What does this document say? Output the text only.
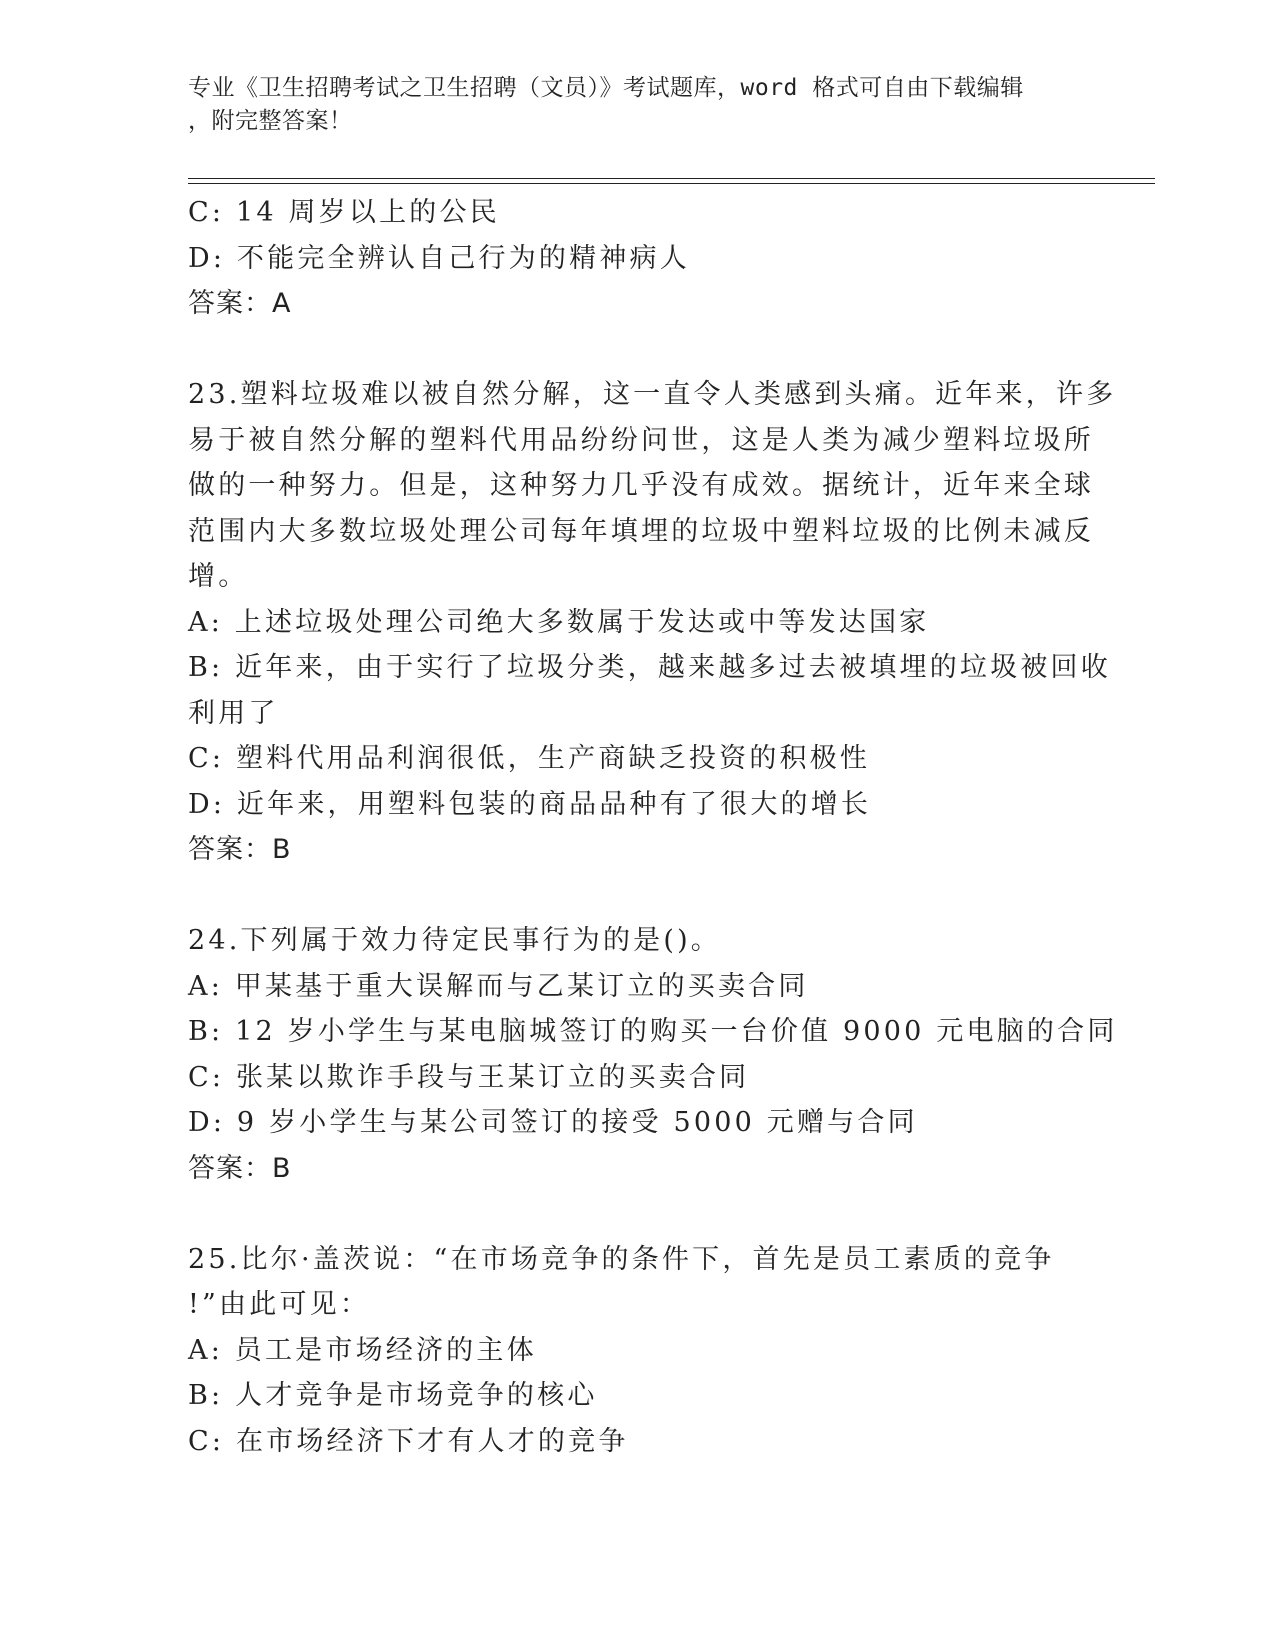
专业《卫生招聘考试之卫生招聘（文员）》考试题库，word 格式可自由下载编辑
，附完整答案！
C: 14 周岁以上的公民
D: 不能完全辨认自己行为的精神病人
答案：A
23.塑料垃圾难以被自然分解，这一直令人类感到头痛。近年来，许多
易于被自然分解的塑料代用品纷纷问世，这是人类为减少塑料垃圾所
做的一种努力。但是，这种努力几乎没有成效。据统计，近年来全球
范围内大多数垃圾处理公司每年填埋的垃圾中塑料垃圾的比例未减反
增。
A: 上述垃圾处理公司绝大多数属于发达或中等发达国家
B: 近年来，由于实行了垃圾分类，越来越多过去被填埋的垃圾被回收
利用了
C: 塑料代用品利润很低，生产商缺乏投资的积极性
D: 近年来，用塑料包装的商品品种有了很大的增长
答案：B
24.下列属于效力待定民事行为的是()。
A: 甲某基于重大误解而与乙某订立的买卖合同
B: 12 岁小学生与某电脑城签订的购买一台价值 9000 元电脑的合同
C: 张某以欺诈手段与王某订立的买卖合同
D: 9 岁小学生与某公司签订的接受 5000 元赠与合同
答案：B
25.比尔·盖茨说：“在市场竞争的条件下，首先是员工素质的竞争
!”由此可见：
A: 员工是市场经济的主体
B: 人才竞争是市场竞争的核心
C: 在市场经济下才有人才的竞争
